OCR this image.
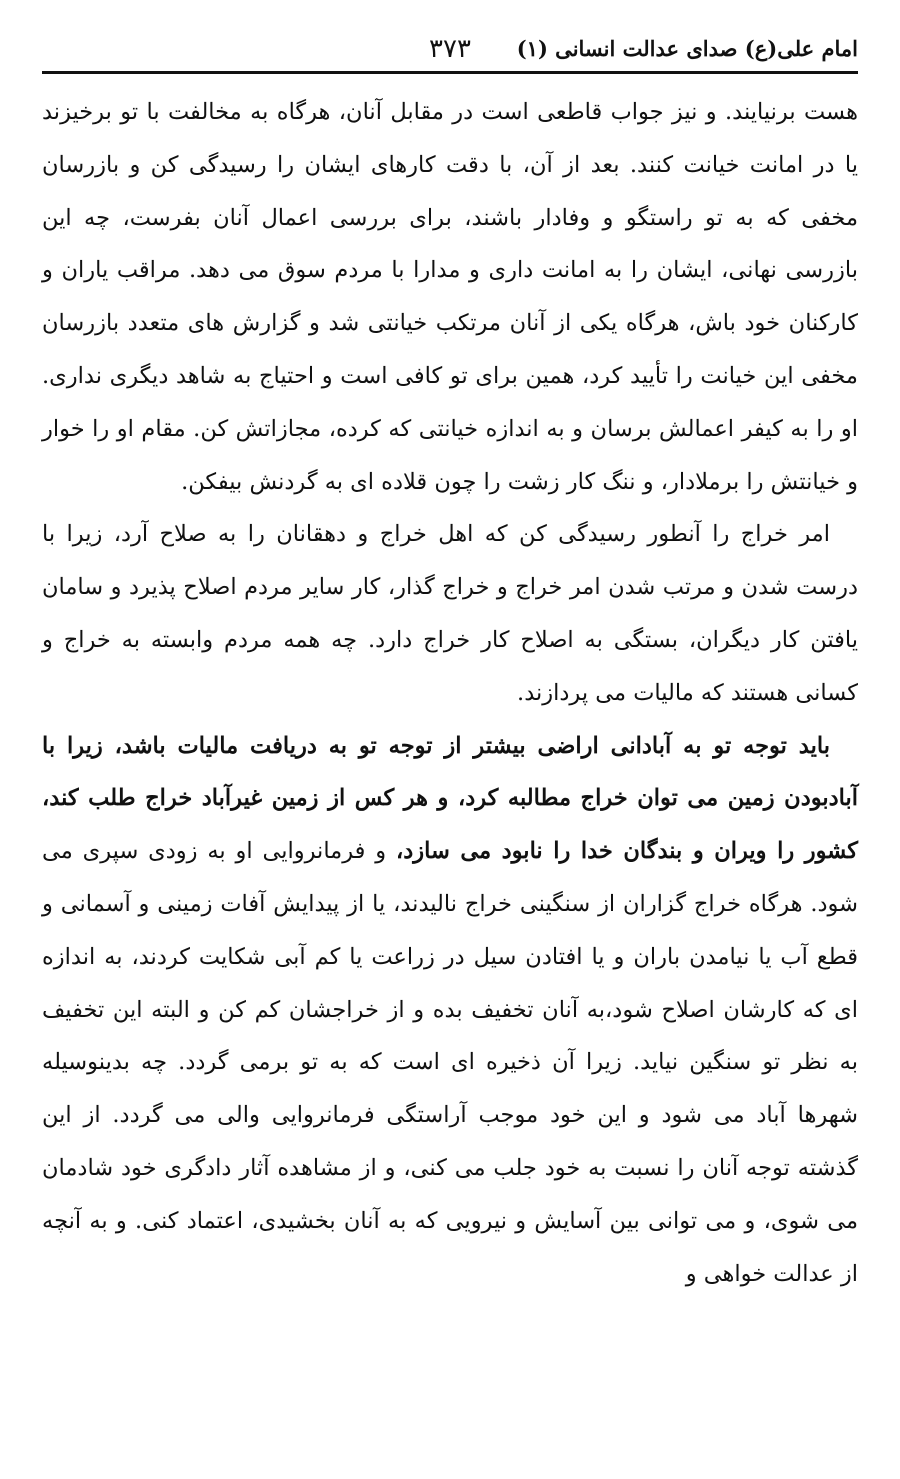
امام علی(ع) صدای عدالت انسانی (۱)
۳۷۳

هست برنیایند. و نیز جواب قاطعی است در مقابل آنان، هرگاه به مخالفت با تو برخیزند یا در امانت خیانت کنند. بعد از آن، با دقت کارهای ایشان را رسیدگی کن و بازرسان مخفی که به تو راستگو و وفادار باشند، برای بررسی اعمال آنان بفرست، چه این بازرسی نهانی، ایشان را به امانت داری و مدارا با مردم سوق می دهد. مراقب یاران و کارکنان خود باش، هرگاه یکی از آنان مرتکب خیانتی شد و گزارش های متعدد بازرسان مخفی این خیانت را تأیید کرد، همین برای تو کافی است و احتیاج به شاهد دیگری نداری. او را به کیفر اعمالش برسان و به اندازه خیانتی که کرده، مجازاتش کن. مقام او را خوار و خیانتش را برملادار، و ننگ کار زشت را چون قلاده ای به گردنش بیفکن.

امر خراج را آنطور رسیدگی کن که اهل خراج و دهقانان را به صلاح آرد، زیرا با درست شدن و مرتب شدن امر خراج و خراج گذار، کار سایر مردم اصلاح پذیرد و سامان یافتن کار دیگران، بستگی به اصلاح کار خراج دارد. چه همه مردم وابسته به خراج و کسانی هستند که مالیات می پردازند.

باید توجه تو به آبادانی اراضی بیشتر از توجه تو به دریافت مالیات باشد، زیرا با آبادبودن زمین می توان خراج مطالبه کرد، و هر کس از زمین غیرآباد خراج طلب کند، کشور را ویران و بندگان خدا را نابود می سازد، و فرمانروایی او به زودی سپری می شود. هرگاه خراج گزاران از سنگینی خراج نالیدند، یا از پیدایش آفات زمینی و آسمانی و قطع آب یا نیامدن باران و یا افتادن سیل در زراعت یا کم آبی شکایت کردند، به اندازه ای که کارشان اصلاح شود،به آنان تخفیف بده و از خراجشان کم کن و البته این تخفیف به نظر تو سنگین نیاید. زیرا آن ذخیره ای است که به تو برمی گردد. چه بدینوسیله شهرها آباد می شود و این خود موجب آراستگی فرمانروایی والی می گردد. از این گذشته توجه آنان را نسبت به خود جلب می کنی، و از مشاهده آثار دادگری خود شادمان می شوی، و می توانی بین آسایش و نیرویی که به آنان بخشیدی، اعتماد کنی. و به آنچه از عدالت خواهی و
